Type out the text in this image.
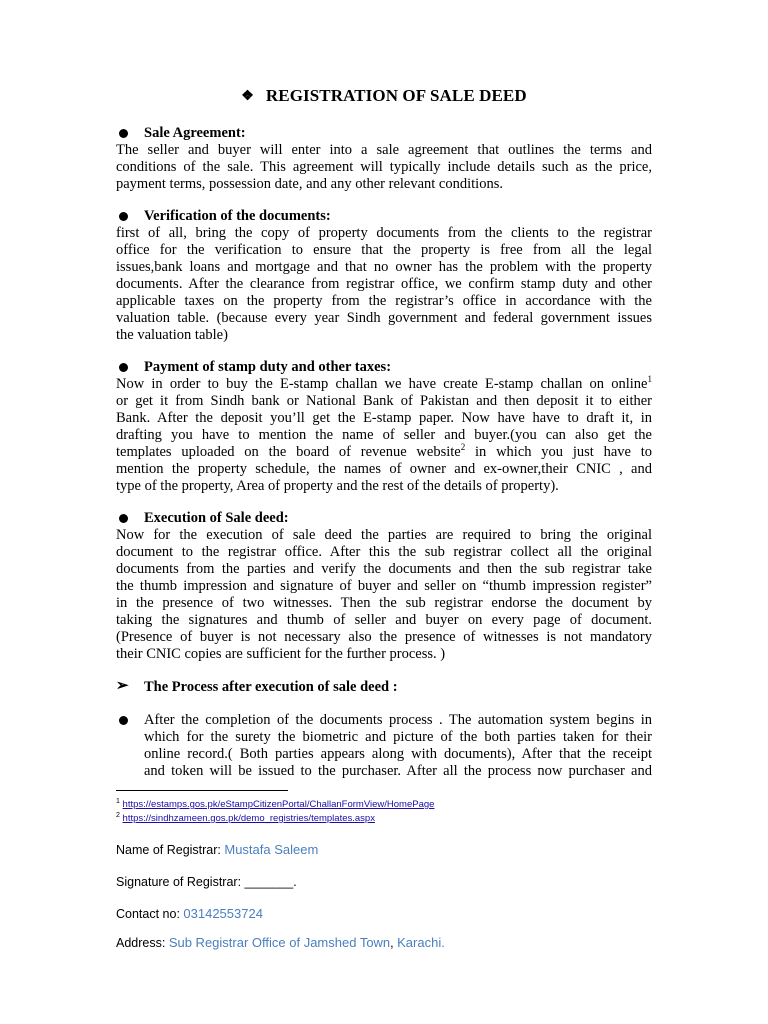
❖ REGISTRATION OF SALE DEED
Sale Agreement:
The seller and buyer will enter into a sale agreement that outlines the terms and
conditions of the sale. This agreement will typically include details such as the price,
payment terms, possession date, and any other relevant conditions.
Verification of the documents:
first of all, bring the copy of property documents from the clients to the registrar
office for the verification to ensure that the property is free from all the legal
issues,bank loans and mortgage and that no owner has the problem with the property
documents. After the clearance from registrar office, we confirm stamp duty and other
applicable taxes on the property from the registrar’s office in accordance with the
valuation table. (because every year Sindh government and federal government issues
the valuation table)
Payment of stamp duty and other taxes:
Now in order to buy the E-stamp challan we have create E-stamp challan on online$^1$
or get it from Sindh bank or National Bank of Pakistan and then deposit it to either
Bank. After the deposit you’ll get the E-stamp paper. Now have have to draft it, in
drafting you have to mention the name of seller and buyer.(you can also get the
templates uploaded on the board of revenue website$^2$ in which you just have to
mention the property schedule, the names of owner and ex-owner,their CNIC , and
type of the property, Area of property and the rest of the details of property).
Execution of Sale deed:
Now for the execution of sale deed the parties are required to bring the original
document to the registrar office. After this the sub registrar collect all the original
documents from the parties and verify the documents and then the sub registrar take
the thumb impression and signature of buyer and seller on “thumb impression register”
in the presence of two witnesses. Then the sub registrar endorse the document by
taking the signatures and thumb of seller and buyer on every page of document.
(Presence of buyer is not necessary also the presence of witnesses is not mandatory
their CNIC copies are sufficient for the further process. )
➢ The Process after execution of sale deed :
After the completion of the documents process . The automation system begins in
which for the surety the biometric and picture of the both parties taken for their
online record.( Both parties appears along with documents), After that the receipt
and token will be issued to the purchaser. After all the process now purchaser and
$^1$ https://estamps.gos.pk/eStampCitizenPortal/ChallanFormView/HomePage
$^2$ https://sindhzameen.gos.pk/demo_registries/templates.aspx
Name of Registrar: Mustafa Saleem
Signature of Registrar: _______.
Contact no: 03142553724
Address: Sub Registrar Office of Jamshed Town, Karachi.
